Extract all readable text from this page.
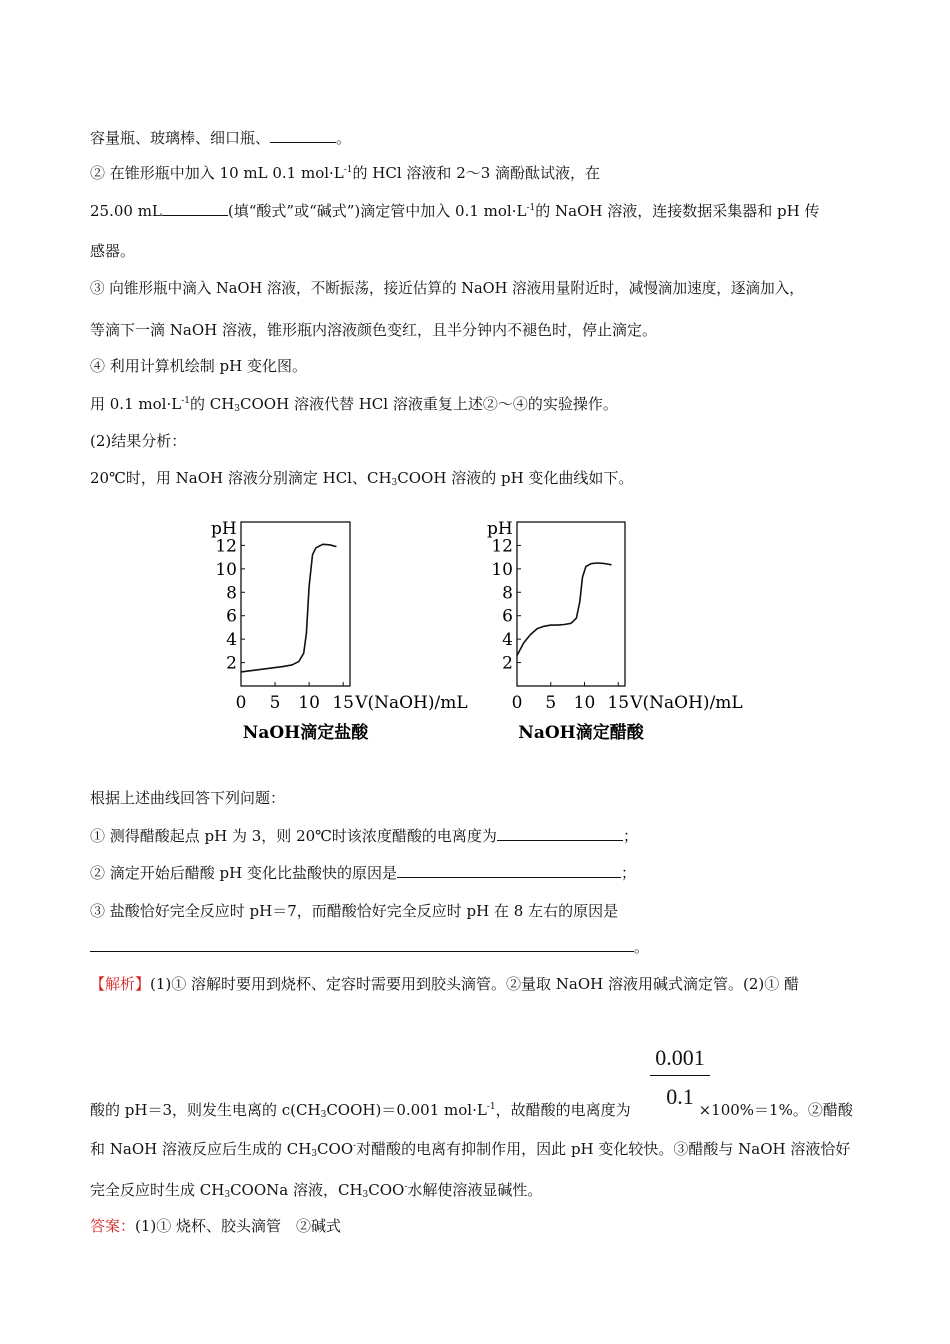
容量瓶、玻璃棒、细口瓶、	。
② 在锥形瓶中加入 10 mL 0.1 $mol\cdot L^{-1}$的 HCl 溶液和 2～3 滴酚酞试液，在
25.00 mL	(填“酸式”或“碱式”)滴定管中加入 0.1 $mol\cdot L^{-1}$的 NaOH 溶液，连接数据采集器和 pH 传
感器。
③ 向锥形瓶中滴入 NaOH 溶液，不断振荡，接近估算的 NaOH 溶液用量附近时，减慢滴加速度，逐滴加入，
等滴下一滴 NaOH 溶液，锥形瓶内溶液颜色变红，且半分钟内不褪色时，停止滴定。
④ 利用计算机绘制 pH 变化图。
用 0.1 $mol\cdot L^{-1}$的 $CH_3COOH$ 溶液代替 HCl 溶液重复上述②～④的实验操作。
(2)结果分析：
20℃时，用 NaOH 溶液分别滴定 HCl、$CH_3COOH$ 溶液的 pH 变化曲线如下。
2
4
6
8
10
12
0 5 10 15
pH
V(NaOH)/mL
NaOH滴定盐酸
2
4
6
8
10
12
0 5 10 15
pH
V(NaOH)/mL
NaOH滴定醋酸
根据上述曲线回答下列问题：
① 测得醋酸起点 pH 为 3，则 20℃时该浓度醋酸的电离度为	；
② 滴定开始后醋酸 pH 变化比盐酸快的原因是	；
③ 盐酸恰好完全反应时 pH＝7，而醋酸恰好完全反应时 pH 在 8 左右的原因是
。
【解析】(1)① 溶解时要用到烧杯、定容时需要用到胶头滴管。②量取 NaOH 溶液用碱式滴定管。(2)① 醋
$\frac{0.001}{0.1}$
酸的 pH＝3，则发生电离的 $c(CH_3COOH)=0.001$ $mol\cdot L^{-1}$，故醋酸的电离度为	×100%＝1%。②醋酸
和 NaOH 溶液反应后生成的 $CH_3COO^-$对醋酸的电离有抑制作用，因此 pH 变化较快。③醋酸与 NaOH 溶液恰好
完全反应时生成 $CH_3COONa$ 溶液，$CH_3COO^-$水解使溶液显碱性。
答案：(1)① 烧杯、胶头滴管　②碱式
